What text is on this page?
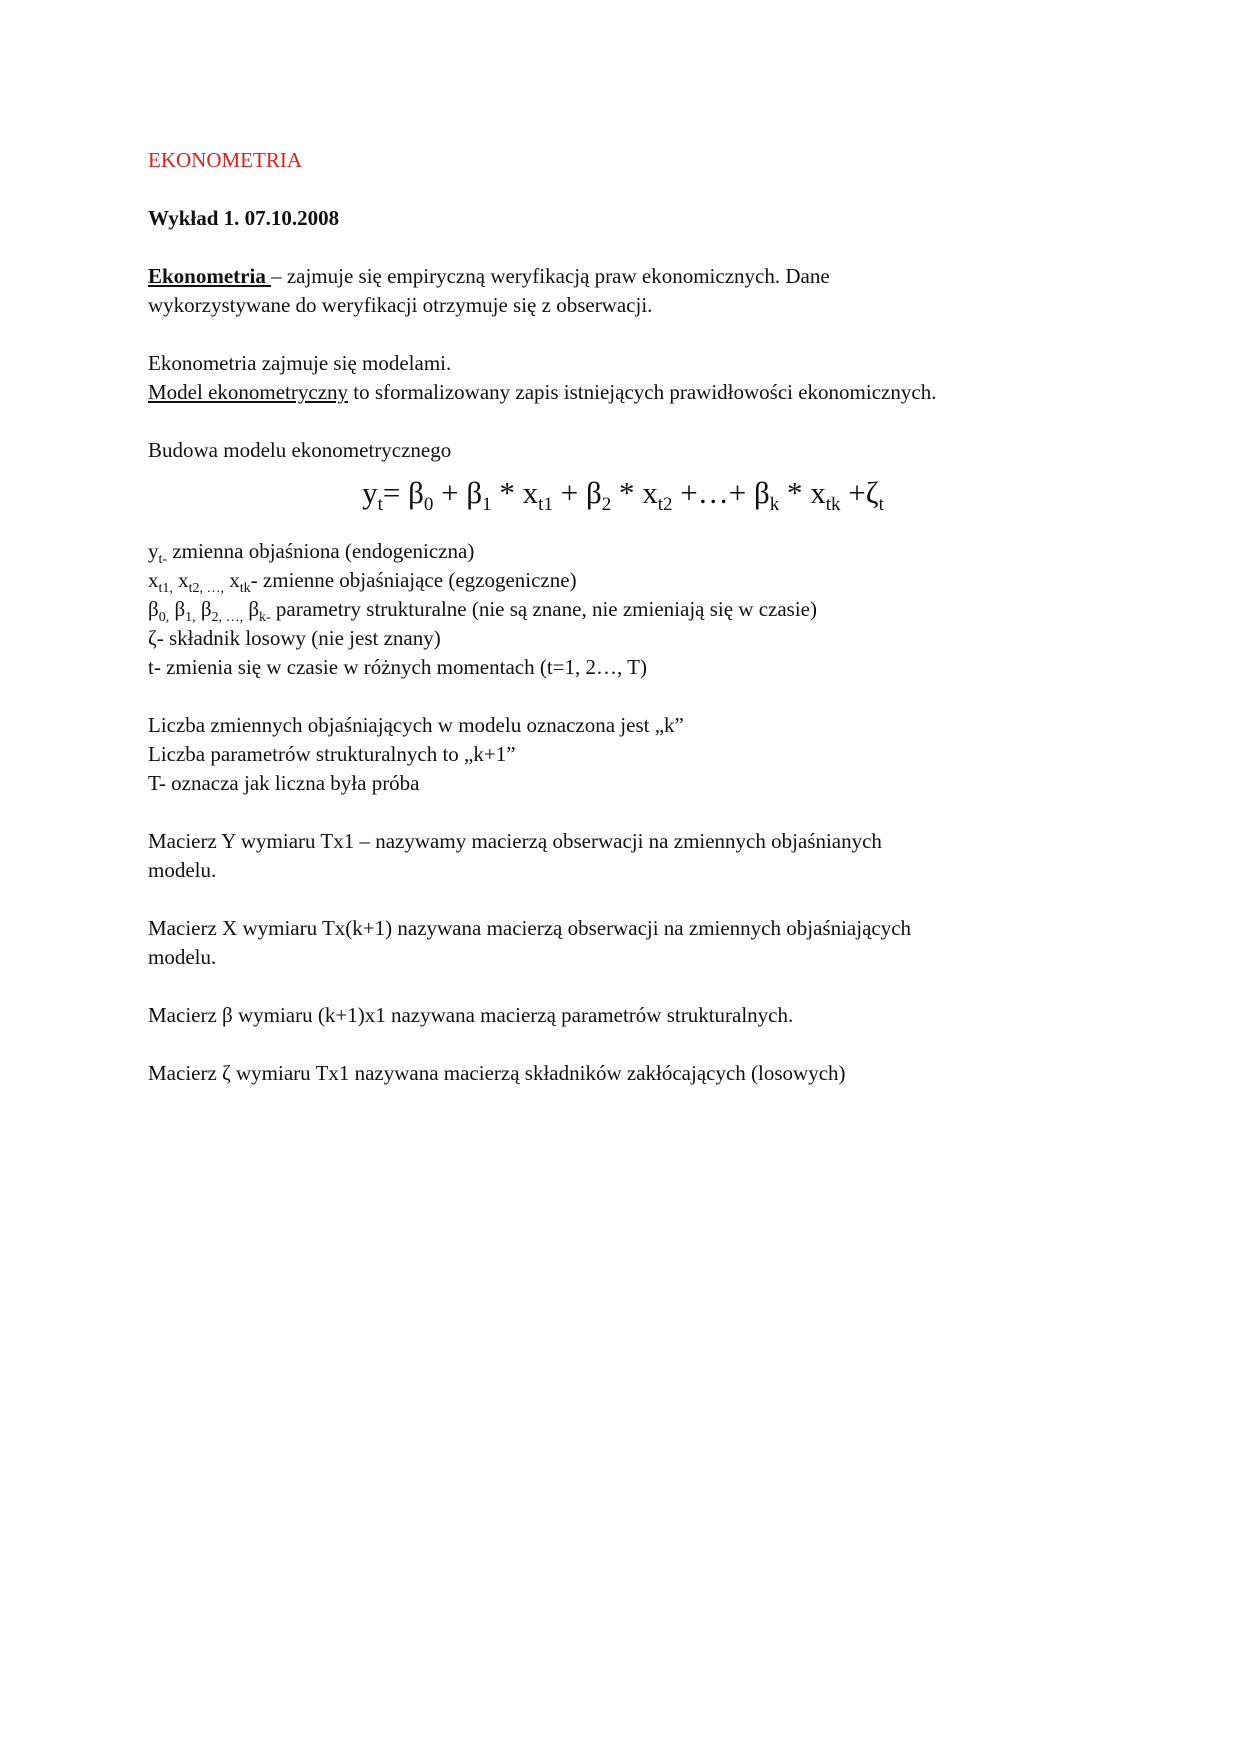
EKONOMETRIA
Wykład 1. 07.10.2008
Ekonometria – zajmuje się empiryczną weryfikacją praw ekonomicznych. Dane
wykorzystywane do weryfikacji otrzymuje się z obserwacji.
Ekonometria zajmuje się modelami.
Model ekonometryczny to sformalizowany zapis istniejących prawidłowości ekonomicznych.
Budowa modelu ekonometrycznego
$y_t= \beta_0 + \beta_1 * x_{t1} + \beta_2 * x_{t2}$ +…+ $\beta_k * x_{tk} +\zeta_t$
$y_{t-}$ zmienna objaśniona (endogeniczna)
$x_{t1,}$ $x_{t2, \dots,}$ $x_{tk}-$ zmienne objaśniające (egzogeniczne)
$\beta_{0,}$ $\beta_{1,}$ $\beta_{2, \dots,}$ $\beta_{k-}$ parametry strukturalne (nie są znane, nie zmieniają się w czasie)
ζ- składnik losowy (nie jest znany)
t- zmienia się w czasie w różnych momentach (t=1, 2…, T)
Liczba zmiennych objaśniających w modelu oznaczona jest „k”
Liczba parametrów strukturalnych to „k+1”
T- oznacza jak liczna była próba
Macierz Y wymiaru Tx1 – nazywamy macierzą obserwacji na zmiennych objaśnianych
modelu.
Macierz X wymiaru Tx(k+1) nazywana macierzą obserwacji na zmiennych objaśniających
modelu.
Macierz β wymiaru (k+1)x1 nazywana macierzą parametrów strukturalnych.
Macierz ζ wymiaru Tx1 nazywana macierzą składników zakłócających (losowych)
